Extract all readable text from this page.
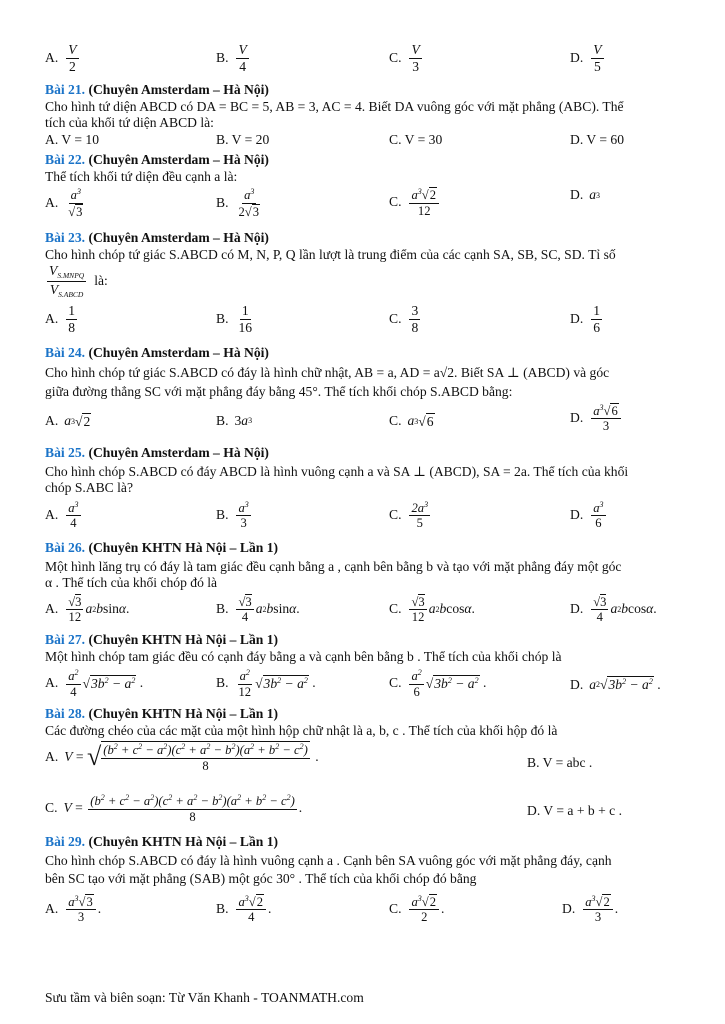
A. $\frac{V}{2}$	B. $\frac{V}{4}$	C. $\frac{V}{3}$	D. $\frac{V}{5}$
Bài 21. (Chuyên Amsterdam – Hà Nội)
Cho hình tứ diện ABCD có DA = BC = 5, AB = 3, AC = 4. Biết DA vuông góc với mặt phẳng (ABC). Thể
tích của khối tứ diện ABCD là:
A. V = 10	B. V = 20	C. V = 30	D. V = 60
Bài 22. (Chuyên Amsterdam – Hà Nội)
Thể tích khối tứ diện đều cạnh a là:
A. $\frac{a^3}{√ 3}$	B. $\frac{a^3}{2 √ 3}$	C. $\frac{a^3 √ 2}{12}$	D. a 3
Bài 23. (Chuyên Amsterdam – Hà Nội)
Cho hình chóp tứ giác S.ABCD có M, N, P, Q lần lượt là trung điểm của các cạnh SA, SB, SC, SD. Tỉ số
$\frac{V_{S.MNPQ}}{V_{S.ABCD}}$ là:
A. $\frac{1}{8}$	B. $\frac{1}{16}$	C. $\frac{3}{8}$	D. $\frac{1}{6}$
Bài 24. (Chuyên Amsterdam – Hà Nội)
Cho hình chóp tứ giác S.ABCD có đáy là hình chữ nhật, AB = a, AD = a√2. Biết SA ⊥ (ABCD) và góc
giữa đường thẳng SC với mặt phẳng đáy bằng 45°. Thể tích khối chóp S.ABCD bằng:
A. a 3 √ 2	B. 3 a 3	C. a 3 √ 6	D. $\frac{a^3 √ 6}{3}$
Bài 25. (Chuyên Amsterdam – Hà Nội)
Cho hình chóp S.ABCD có đáy ABCD là hình vuông cạnh a và SA ⊥ (ABCD), SA = 2a. Thể tích của khối
chóp S.ABC là?
A. $\frac{a^3}{4}$	B. $\frac{a^3}{3}$	C. $\frac{2a^3}{5}$	D. $\frac{a^3}{6}$
Bài 26. (Chuyên KHTN Hà Nội – Lần 1)
Một hình lăng trụ có đáy là tam giác đều cạnh bằng a , cạnh bên bằng b và tạo với mặt phẳng đáy một góc
α . Thể tích của khối chóp đó là
A. $\frac{√3}{12}$ a 2 b sin α .	B. $\frac{√3}{4}$ a 2 b sin α .	C. $\frac{√3}{12}$ a 2 b cos α .	D. $\frac{√3}{4}$ a 2 b cos α .
Bài 27. (Chuyên KHTN Hà Nội – Lần 1)
Một hình chóp tam giác đều có cạnh đáy bằng a và cạnh bên bằng b . Thể tích của khối chóp là
A. $\frac{a^2}{4}$ √ $3b^2 - a^2$ .	B. $\frac{a^2}{12}$ √ $3b^2 - a^2$ .	C. $\frac{a^2}{6}$ √ $3b^2 - a^2$ .	D. a 2 √ $3b^2 - a^2$ .
Bài 28. (Chuyên KHTN Hà Nội – Lần 1)
Các đường chéo của các mặt của một hình hộp chữ nhật là a, b, c . Thể tích của khối hộp đó là
A. V = √ $\frac{(b^2 + c^2 - a^2)(c^2 + a^2 - b^2)(a^2 + b^2 - c^2)}{8}$ .	B. V = abc .
C. $V = \frac{(b^2 + c^2 - a^2)(c^2 + a^2 - b^2)(a^2 + b^2 - c^2)}{8}$ .	D. V = a + b + c .
Bài 29. (Chuyên KHTN Hà Nội – Lần 1)
Cho hình chóp S.ABCD có đáy là hình vuông cạnh a . Cạnh bên SA vuông góc với mặt phẳng đáy, cạnh
bên SC tạo với mặt phẳng (SAB) một góc 30° . Thể tích của khối chóp đó bằng
A. $\frac{a^3 √ 3}{3}$ .	B. $\frac{a^3 √ 2}{4}$ .	C. $\frac{a^3 √ 2}{2}$ .	D. $\frac{a^3 √ 2}{3}$ .
Sưu tầm và biên soạn: Từ Văn Khanh - TOANMATH.com
